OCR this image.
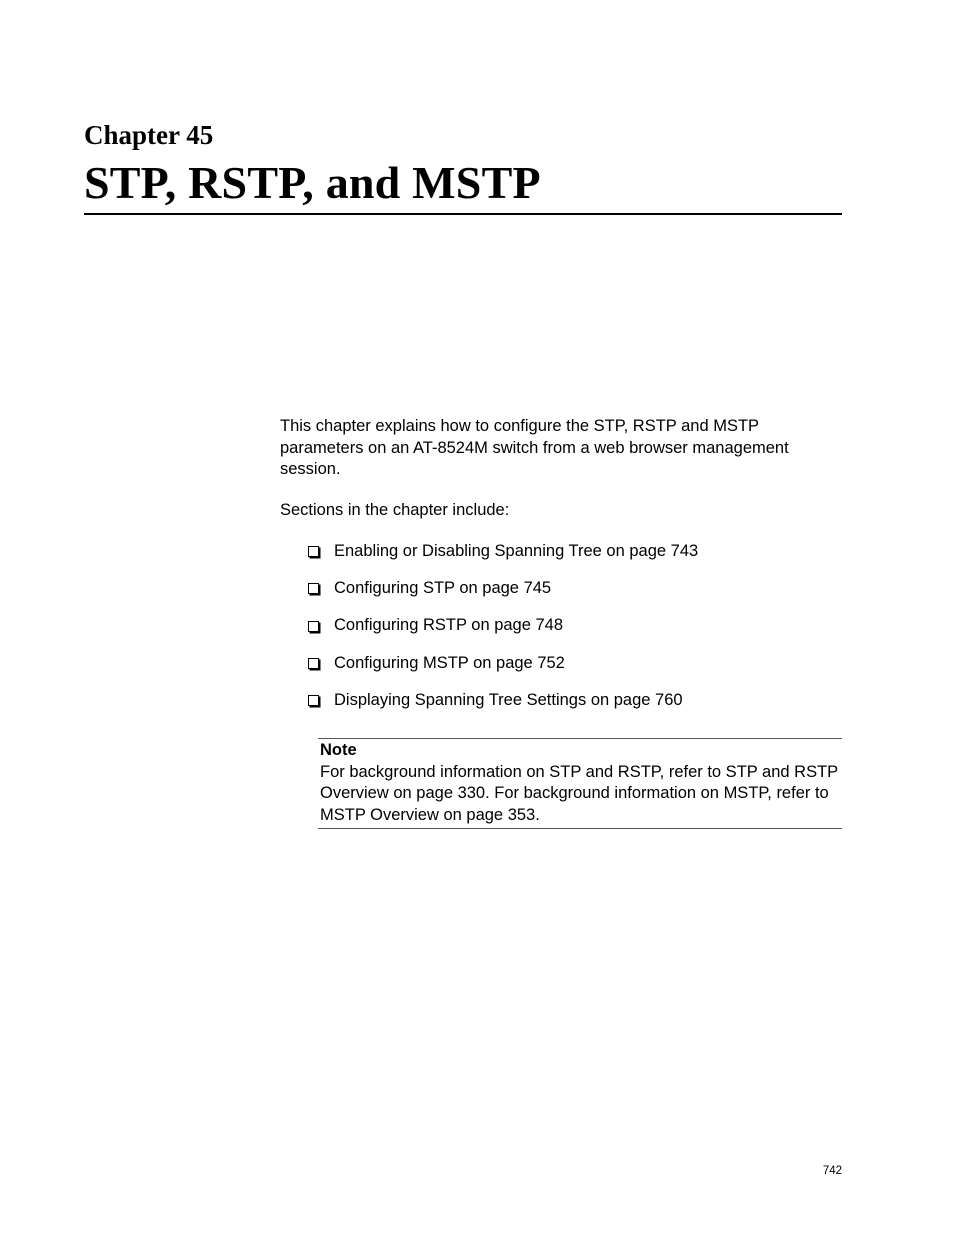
Chapter 45
STP, RSTP, and MSTP

This chapter explains how to configure the STP, RSTP and MSTP parameters on an AT-8524M switch from a web browser management session.

Sections in the chapter include:

Enabling or Disabling Spanning Tree on page 743
Configuring STP on page 745
Configuring RSTP on page 748
Configuring MSTP on page 752
Displaying Spanning Tree Settings on page 760

Note

For background information on STP and RSTP, refer to STP and RSTP Overview on page 330. For background information on MSTP, refer to MSTP Overview on page 353.

742
